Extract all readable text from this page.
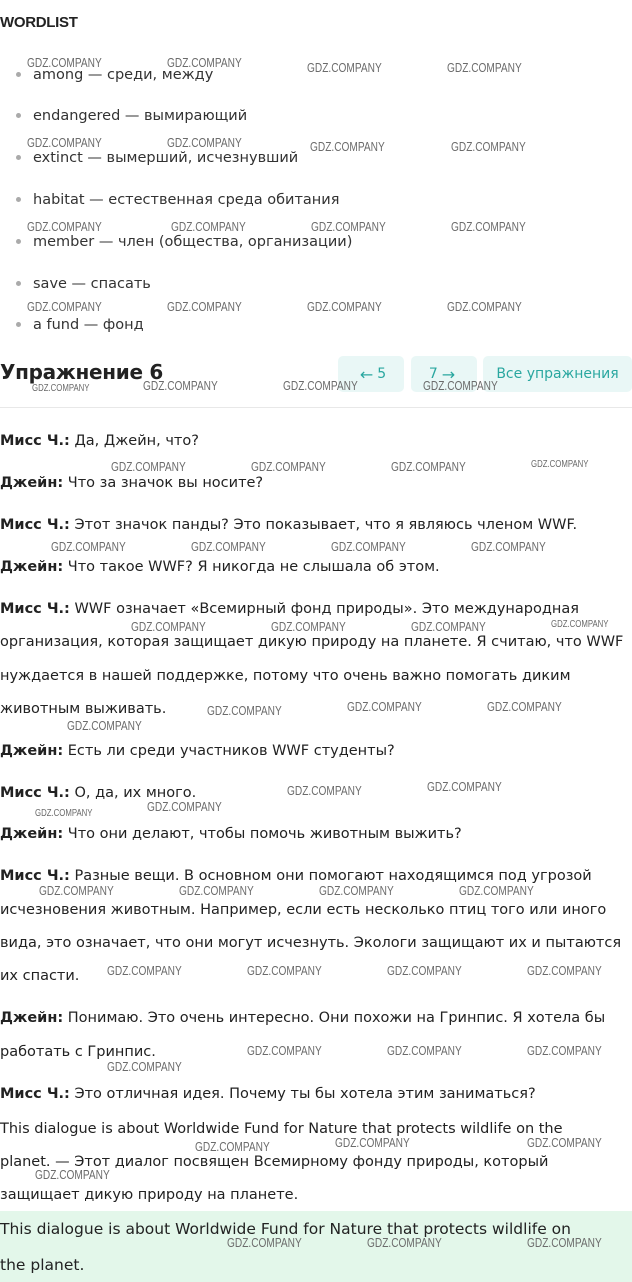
WORDLIST
among — среди, между
endangered — вымирающий
extinct — вымерший, исчезнувший
habitat — естественная среда обитания
member — член (общества, организации)
save — спасать
a fund — фонд
Упражнение 6	← 5	7 →	Все упражнения
Мисс Ч.: Да, Джейн, что?
Джейн: Что за значок вы носите?
Мисс Ч.: Этот значок панды? Это показывает, что я являюсь членом WWF.
Джейн: Что такое WWF? Я никогда не слышала об этом.
Мисс Ч.: WWF означает «Всемирный фонд природы». Это международная
организация, которая защищает дикую природу на планете. Я считаю, что WWF
нуждается в нашей поддержке, потому что очень важно помогать диким
животным выживать.
Джейн: Есть ли среди участников WWF студенты?
Мисс Ч.: О, да, их много.
Джейн: Что они делают, чтобы помочь животным выжить?
Мисс Ч.: Разные вещи. В основном они помогают находящимся под угрозой
исчезновения животным. Например, если есть несколько птиц того или иного
вида, это означает, что они могут исчезнуть. Экологи защищают их и пытаются
их спасти.
Джейн: Понимаю. Это очень интересно. Они похожи на Гринпис. Я хотела бы
работать с Гринпис.
Мисс Ч.: Это отличная идея. Почему ты бы хотела этим заниматься?
This dialogue is about Worldwide Fund for Nature that protects wildlife on the
planet. — Этот диалог посвящен Всемирному фонду природы, который
защищает дикую природу на планете.
This dialogue is about Worldwide Fund for Nature that protects wildlife on
the planet.
GDZ.COMPANY	GDZ.COMPANY	GDZ.COMPANY	GDZ.COMPANY
GDZ.COMPANY	GDZ.COMPANY	GDZ.COMPANY	GDZ.COMPANY
GDZ.COMPANY	GDZ.COMPANY	GDZ.COMPANY	GDZ.COMPANY
GDZ.COMPANY	GDZ.COMPANY	GDZ.COMPANY	GDZ.COMPANY
GDZ.COMPANY	GDZ.COMPANY	GDZ.COMPANY	GDZ.COMPANY
GDZ.COMPANY	GDZ.COMPANY	GDZ.COMPANY	GDZ.COMPANY
GDZ.COMPANY	GDZ.COMPANY	GDZ.COMPANY	GDZ.COMPANY
GDZ.COMPANY	GDZ.COMPANY	GDZ.COMPANY	GDZ.COMPANY
GDZ.COMPANY	GDZ.COMPANY	GDZ.COMPANY
GDZ.COMPANY
GDZ.COMPANY	GDZ.COMPANY
GDZ.COMPANY	GDZ.COMPANY
GDZ.COMPANY	GDZ.COMPANY	GDZ.COMPANY	GDZ.COMPANY
GDZ.COMPANY	GDZ.COMPANY	GDZ.COMPANY	GDZ.COMPANY
GDZ.COMPANY	GDZ.COMPANY	GDZ.COMPANY
GDZ.COMPANY
GDZ.COMPANY	GDZ.COMPANY	GDZ.COMPANY
GDZ.COMPANY
GDZ.COMPANY	GDZ.COMPANY	GDZ.COMPANY
